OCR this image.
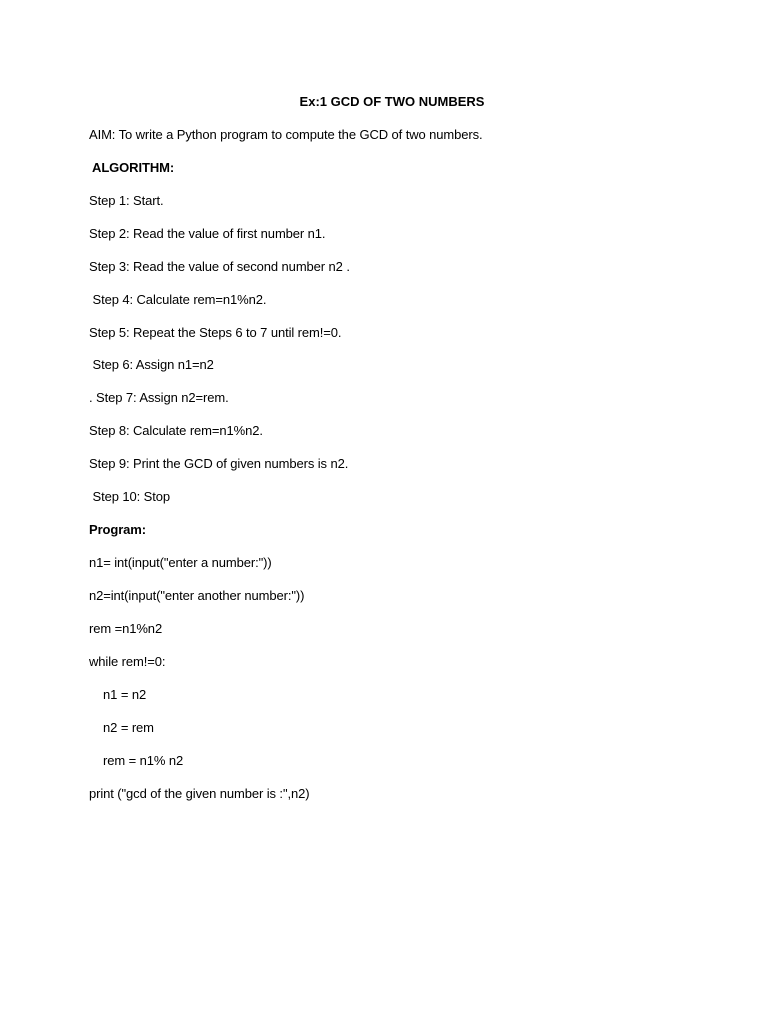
Ex:1 GCD OF TWO NUMBERS
AIM: To write a Python program to compute the GCD of two numbers.
ALGORITHM:
Step 1: Start.
Step 2: Read the value of first number n1.
Step 3: Read the value of second number n2 .
Step 4: Calculate rem=n1%n2.
Step 5: Repeat the Steps 6 to 7 until rem!=0.
Step 6: Assign n1=n2
. Step 7: Assign n2=rem.
Step 8: Calculate rem=n1%n2.
Step 9: Print the GCD of given numbers is n2.
Step 10: Stop
Program:
n1= int(input("enter a number:"))
n2=int(input("enter another number:"))
rem =n1%n2
while rem!=0:
n1 = n2
n2 = rem
rem = n1% n2
print ("gcd of the given number is :",n2)
